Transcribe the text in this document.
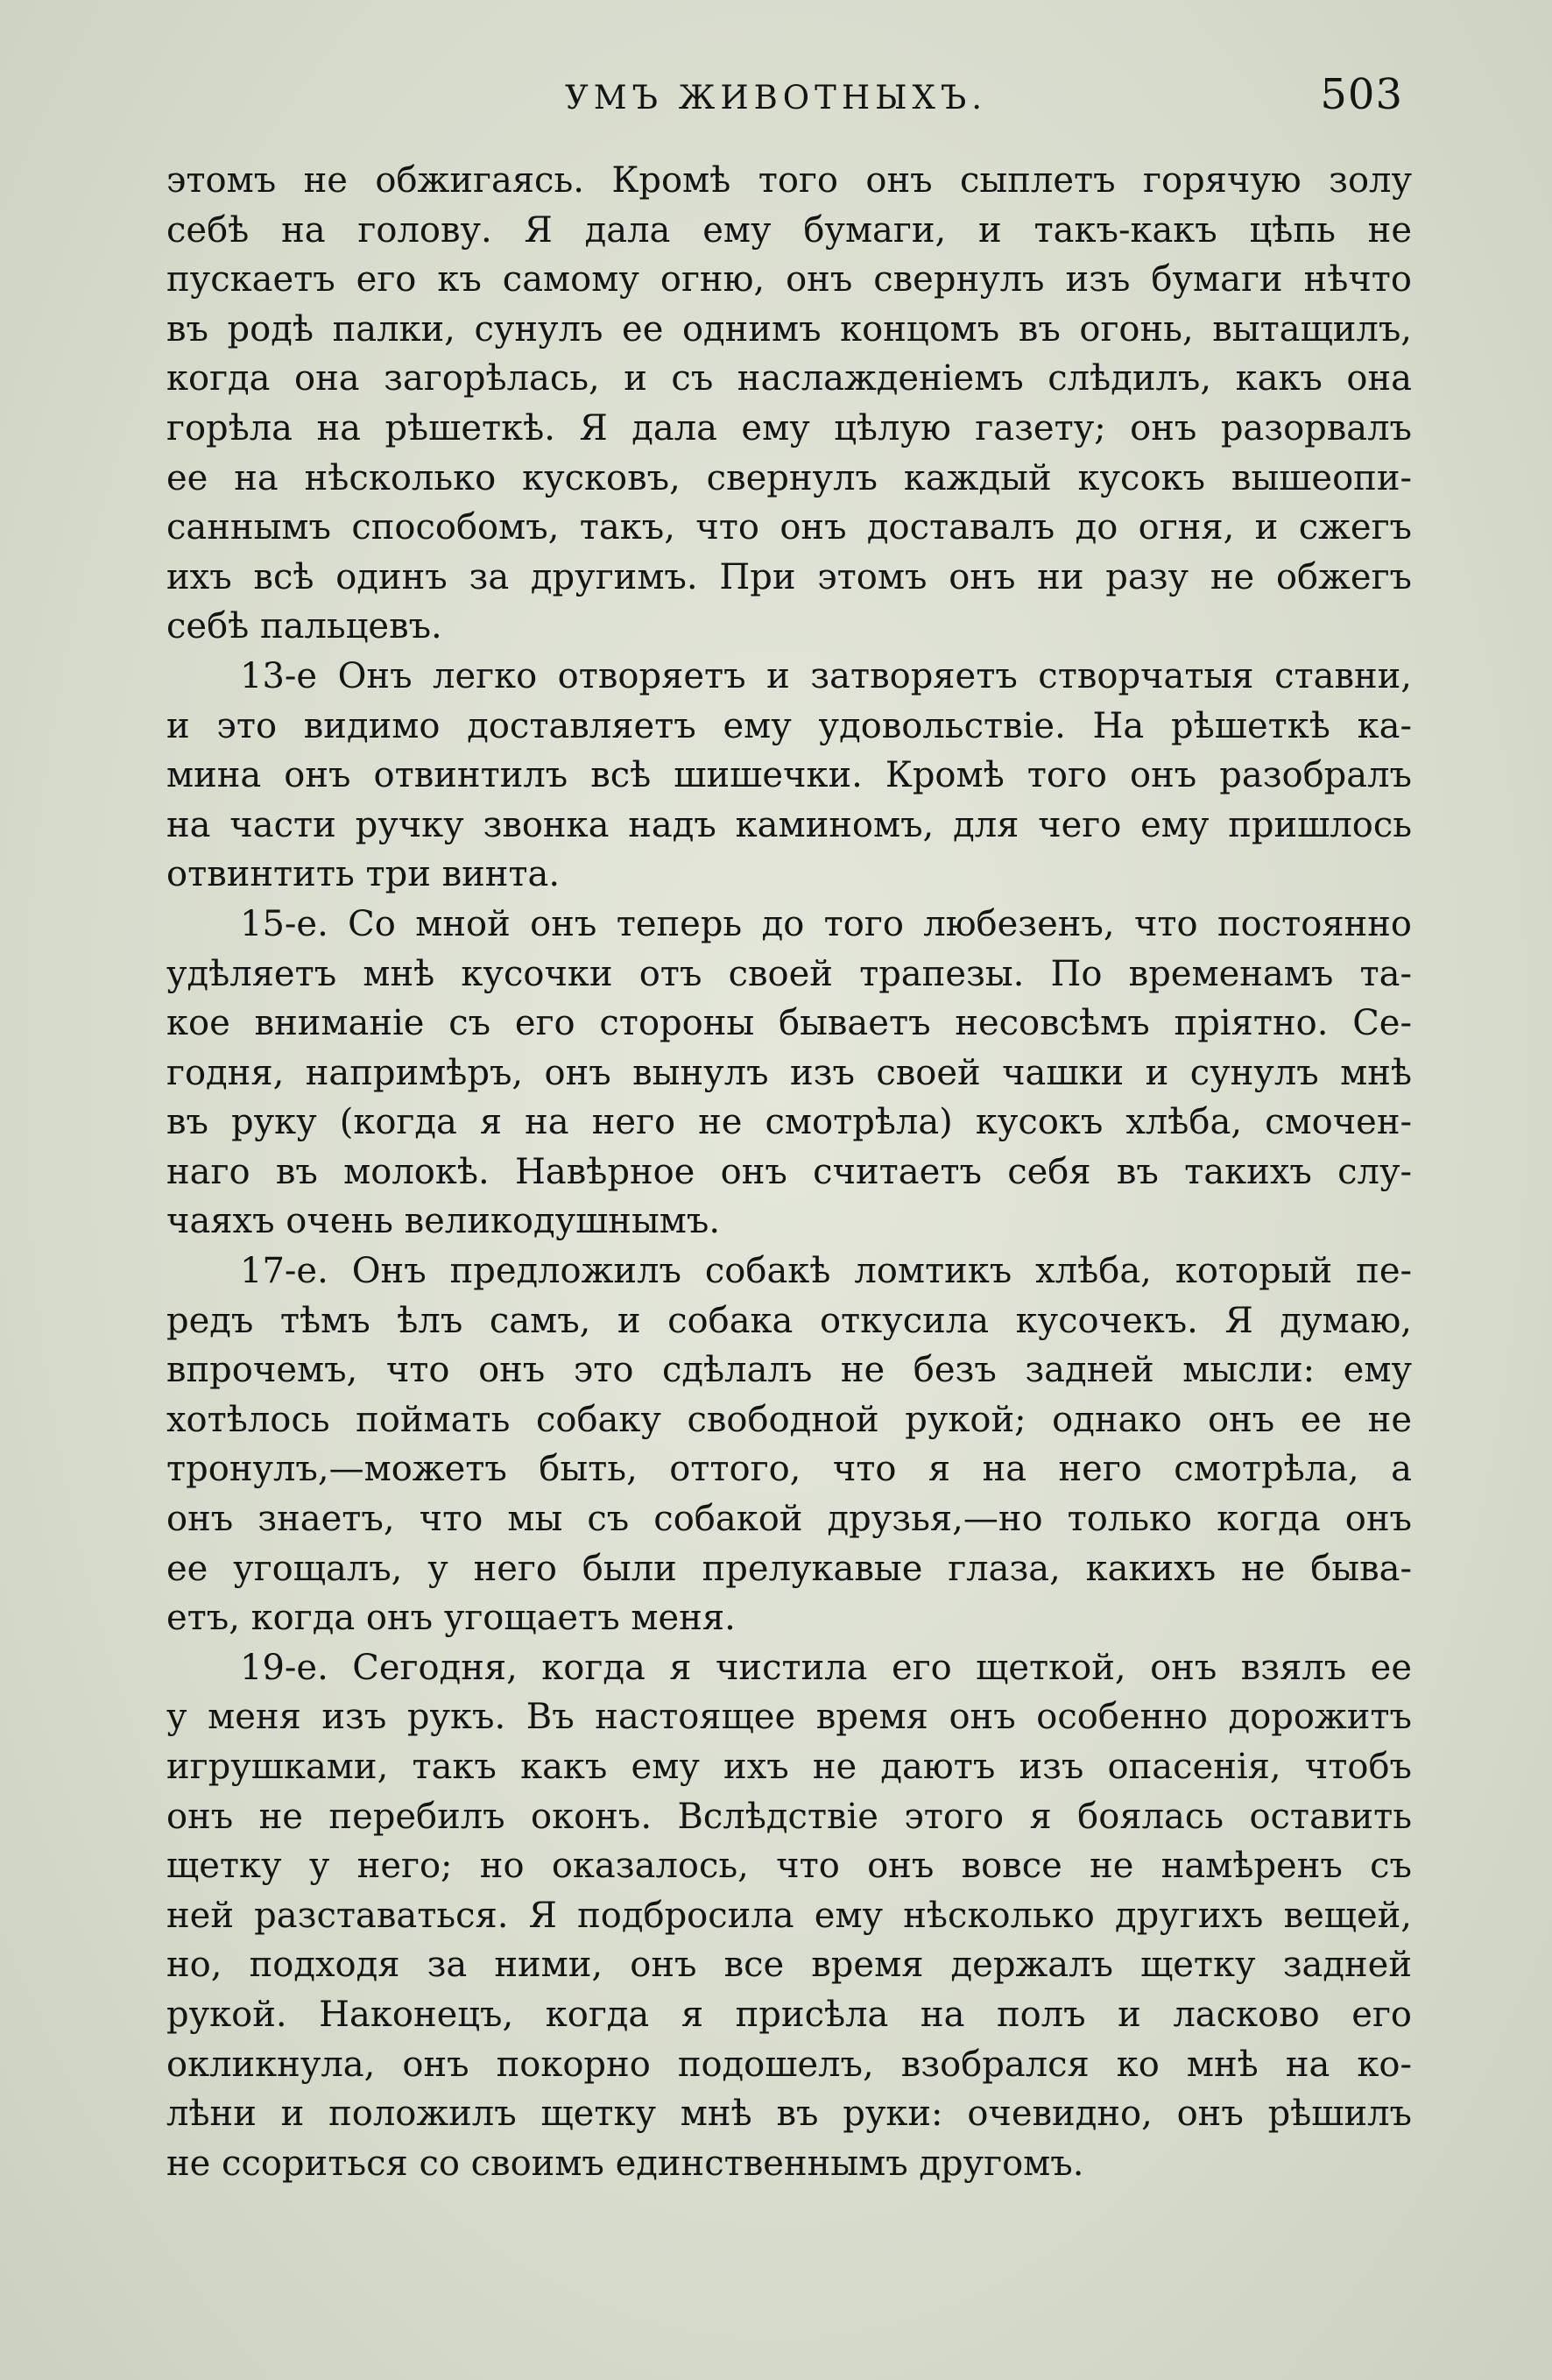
УМЪ ЖИВОТНЫХЪ.	503
этомъ не обжигаясь. Кромѣ того онъ сыплетъ горячую золу
себѣ на голову. Я дала ему бумаги, и такъ-какъ цѣпь не
пускаетъ его къ самому огню, онъ свернулъ изъ бумаги нѣчто
въ родѣ палки, сунулъ ее однимъ концомъ въ огонь, вытащилъ,
когда она загорѣлась, и съ наслажденіемъ слѣдилъ, какъ она
горѣла на рѣшеткѣ. Я дала ему цѣлую газету; онъ разорвалъ
ее на нѣсколько кусковъ, свернулъ каждый кусокъ вышеопи-
саннымъ способомъ, такъ, что онъ доставалъ до огня, и сжегъ
ихъ всѣ одинъ за другимъ. При этомъ онъ ни разу не обжегъ
себѣ пальцевъ.
13-е Онъ легко отворяетъ и затворяетъ створчатыя ставни,
и это видимо доставляетъ ему удовольствіе. На рѣшеткѣ ка-
мина онъ отвинтилъ всѣ шишечки. Кромѣ того онъ разобралъ
на части ручку звонка надъ каминомъ, для чего ему пришлось
отвинтить три винта.
15-е. Со мной онъ теперь до того любезенъ, что постоянно
удѣляетъ мнѣ кусочки отъ своей трапезы. По временамъ та-
кое вниманіе съ его стороны бываетъ несовсѣмъ пріятно. Се-
годня, напримѣръ, онъ вынулъ изъ своей чашки и сунулъ мнѣ
въ руку (когда я на него не смотрѣла) кусокъ хлѣба, смочен-
наго въ молокѣ. Навѣрное онъ считаетъ себя въ такихъ слу-
чаяхъ очень великодушнымъ.
17-е. Онъ предложилъ собакѣ ломтикъ хлѣба, который пе-
редъ тѣмъ ѣлъ самъ, и собака откусила кусочекъ. Я думаю,
впрочемъ, что онъ это сдѣлалъ не безъ задней мысли: ему
хотѣлось поймать собаку свободной рукой; однако онъ ее не
тронулъ,—можетъ быть, оттого, что я на него смотрѣла, а
онъ знаетъ, что мы съ собакой друзья,—но только когда онъ
ее угощалъ, у него были прелукавые глаза, какихъ не быва-
етъ, когда онъ угощаетъ меня.
19-е. Сегодня, когда я чистила его щеткой, онъ взялъ ее
у меня изъ рукъ. Въ настоящее время онъ особенно дорожитъ
игрушками, такъ какъ ему ихъ не даютъ изъ опасенія, чтобъ
онъ не перебилъ оконъ. Вслѣдствіе этого я боялась оставить
щетку у него; но оказалось, что онъ вовсе не намѣренъ съ
ней разставаться. Я подбросила ему нѣсколько другихъ вещей,
но, подходя за ними, онъ все время держалъ щетку задней
рукой. Наконецъ, когда я присѣла на полъ и ласково его
окликнула, онъ покорно подошелъ, взобрался ко мнѣ на ко-
лѣни и положилъ щетку мнѣ въ руки: очевидно, онъ рѣшилъ
не ссориться со своимъ единственнымъ другомъ.
